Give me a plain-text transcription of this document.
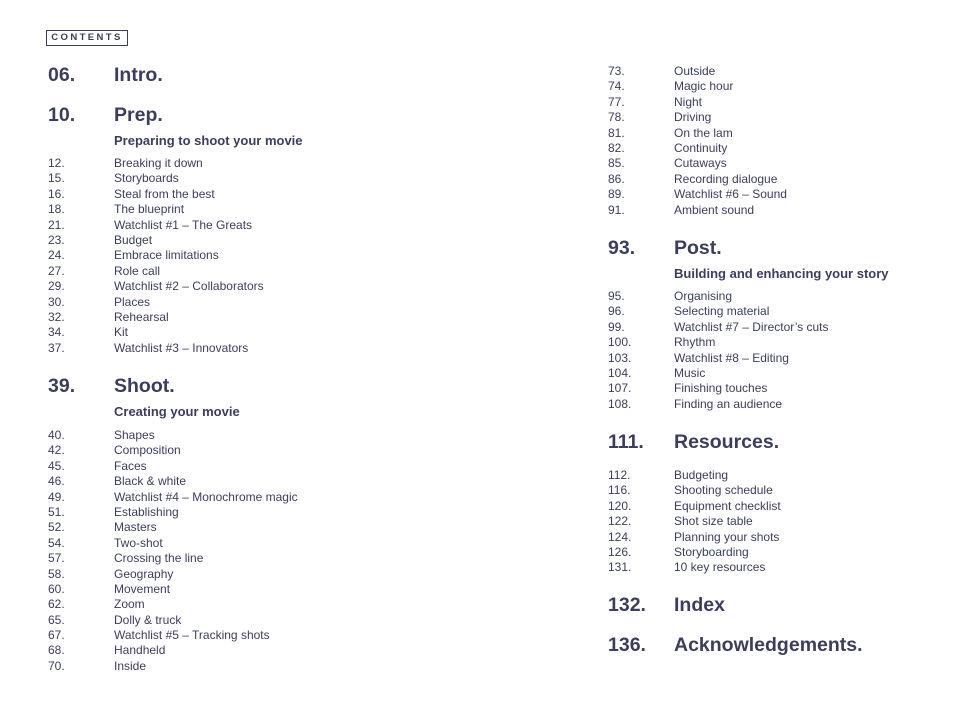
CONTENTS
06. Intro.
10. Prep.
Preparing to shoot your movie
12.	Breaking it down
15.	Storyboards
16.	Steal from the best
18.	The blueprint
21.	Watchlist #1 – The Greats
23.	Budget
24.	Embrace limitations
27.	Role call
29.	Watchlist #2 – Collaborators
30.	Places
32.	Rehearsal
34.	Kit
37.	Watchlist #3 – Innovators
39. Shoot.
Creating your movie
40.	Shapes
42.	Composition
45.	Faces
46.	Black & white
49.	Watchlist #4 – Monochrome magic
51.	Establishing
52.	Masters
54.	Two-shot
57.	Crossing the line
58.	Geography
60.	Movement
62.	Zoom
65.	Dolly & truck
67.	Watchlist #5 – Tracking shots
68.	Handheld
70.	Inside
73.	Outside
74.	Magic hour
77.	Night
78.	Driving
81.	On the lam
82.	Continuity
85.	Cutaways
86.	Recording dialogue
89.	Watchlist #6 – Sound
91.	Ambient sound
93. Post.
Building and enhancing your story
95.	Organising
96.	Selecting material
99.	Watchlist #7 – Director’s cuts
100.	Rhythm
103.	Watchlist #8 – Editing
104.	Music
107.	Finishing touches
108.	Finding an audience
111. Resources.
112.	Budgeting
116.	Shooting schedule
120.	Equipment checklist
122.	Shot size table
124.	Planning your shots
126.	Storyboarding
131.	10 key resources
132. Index
136. Acknowledgements.
